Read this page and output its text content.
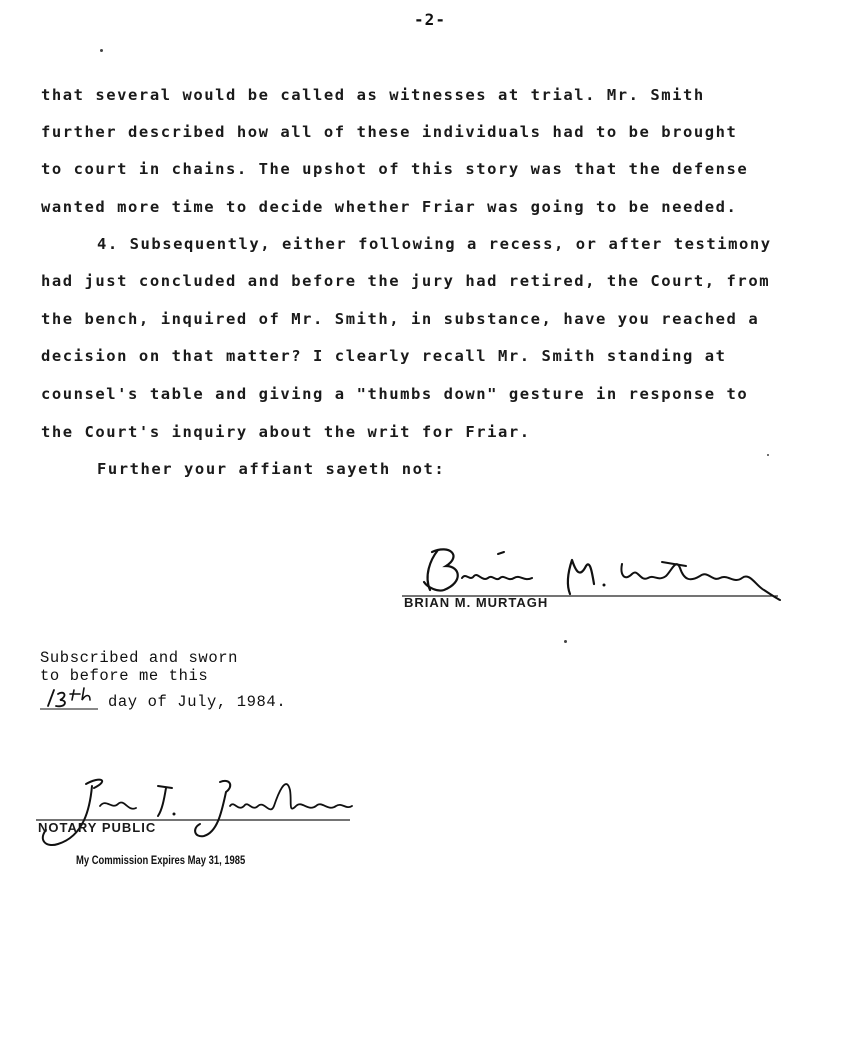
-2-
that several would be called as witnesses at trial. Mr. Smith
further described how all of these individuals had to be brought
to court in chains. The upshot of this story was that the defense
wanted more time to decide whether Friar was going to be needed.
4. Subsequently, either following a recess, or after testimony
had just concluded and before the jury had retired, the Court, from
the bench, inquired of Mr. Smith, in substance, have you reached a
decision on that matter? I clearly recall Mr. Smith standing at
counsel's table and giving a "thumbs down" gesture in response to
the Court's inquiry about the writ for Friar.
Further your affiant sayeth not:
BRIAN M. MURTAGH
Subscribed and sworn
to before me this
day of July, 1984.
NOTARY PUBLIC
My Commission Expires May 31, 1985
